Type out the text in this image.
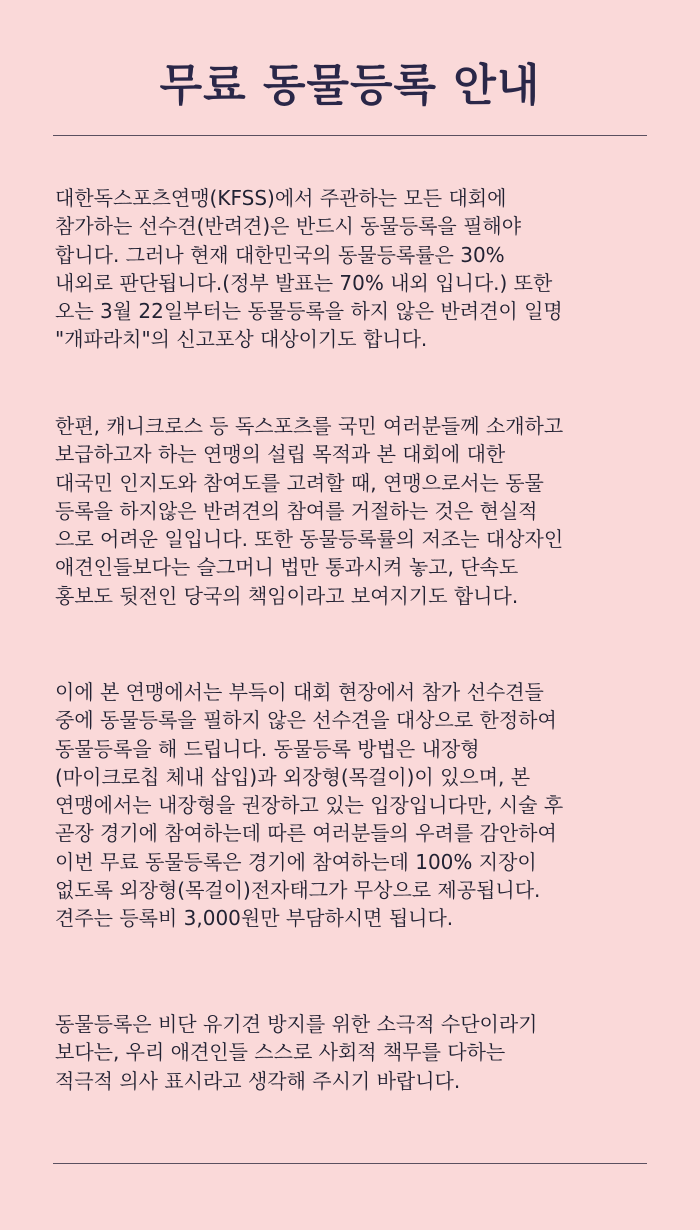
무료 동물등록 안내

대한독스포츠연맹(KFSS)에서 주관하는 모든 대회에
참가하는 선수견(반려견)은 반드시 동물등록을 필해야
합니다. 그러나 현재 대한민국의 동물등록률은 30%
내외로 판단됩니다.(정부 발표는 70% 내외 입니다.) 또한
오는 3월 22일부터는 동물등록을 하지 않은 반려견이 일명
"개파라치"의 신고포상 대상이기도 합니다.

한편, 캐니크로스 등 독스포츠를 국민 여러분들께 소개하고
보급하고자 하는 연맹의 설립 목적과 본 대회에 대한
대국민 인지도와 참여도를 고려할 때, 연맹으로서는 동물
등록을 하지않은 반려견의 참여를 거절하는 것은 현실적
으로 어려운 일입니다. 또한 동물등록률의 저조는 대상자인
애견인들보다는 슬그머니 법만 통과시켜 놓고, 단속도
홍보도 뒷전인 당국의 책임이라고 보여지기도 합니다.

이에 본 연맹에서는 부득이 대회 현장에서 참가 선수견들
중에 동물등록을 필하지 않은 선수견을 대상으로 한정하여
동물등록을 해 드립니다. 동물등록 방법은 내장형
(마이크로칩 체내 삽입)과 외장형(목걸이)이 있으며, 본
연맹에서는 내장형을 권장하고 있는 입장입니다만, 시술 후
곧장 경기에 참여하는데 따른 여러분들의 우려를 감안하여
이번 무료 동물등록은 경기에 참여하는데 100% 지장이
없도록 외장형(목걸이)전자태그가 무상으로 제공됩니다.
견주는 등록비 3,000원만 부담하시면 됩니다.

동물등록은 비단 유기견 방지를 위한 소극적 수단이라기
보다는, 우리 애견인들 스스로 사회적 책무를 다하는
적극적 의사 표시라고 생각해 주시기 바랍니다.
